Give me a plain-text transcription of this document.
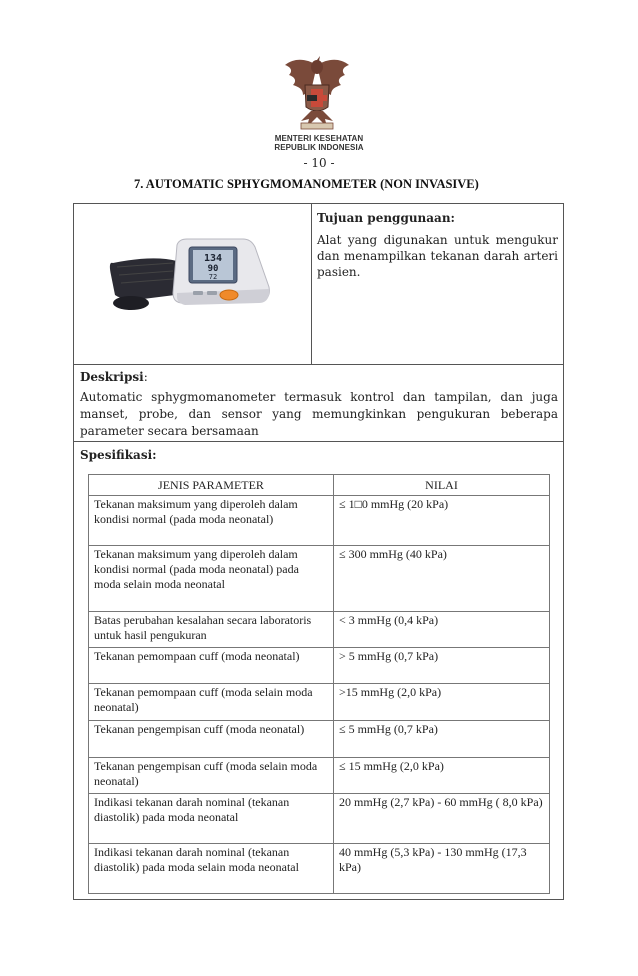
MENTERI KESEHATAN
REPUBLIK INDONESIA
- 10 -
7. AUTOMATIC SPHYGMOMANOMETER (NON INVASIVE)
134
90
72
Tujuan penggunaan:
Alat yang digunakan untuk mengukur dan menampilkan tekanan darah arteri pasien.
Deskripsi:
Automatic sphygmomanometer termasuk kontrol dan tampilan, dan juga manset, probe, dan sensor yang memungkinkan pengukuran beberapa parameter secara bersamaan
Spesifikasi:
JENIS PARAMETER	NILAI
Tekanan maksimum yang diperoleh dalam kondisi normal (pada moda neonatal)	≤ 1□0 mmHg (20 kPa)
Tekanan maksimum yang diperoleh dalam kondisi normal (pada moda neonatal) pada moda selain moda neonatal	≤ 300 mmHg (40 kPa)
Batas perubahan kesalahan secara laboratoris untuk hasil pengukuran	< 3 mmHg (0,4 kPa)
Tekanan pemompaan cuff (moda neonatal)	> 5 mmHg (0,7 kPa)
Tekanan pemompaan cuff (moda selain moda neonatal)	>15 mmHg (2,0 kPa)
Tekanan pengempisan cuff (moda neonatal)	≤ 5 mmHg (0,7 kPa)
Tekanan pengempisan cuff (moda selain moda neonatal)	≤ 15 mmHg (2,0 kPa)
Indikasi tekanan darah nominal (tekanan diastolik) pada moda neonatal	20 mmHg (2,7 kPa) - 60 mmHg ( 8,0 kPa)
Indikasi tekanan darah nominal (tekanan diastolik) pada moda selain moda neonatal	40 mmHg (5,3 kPa) - 130 mmHg (17,3 kPa)
